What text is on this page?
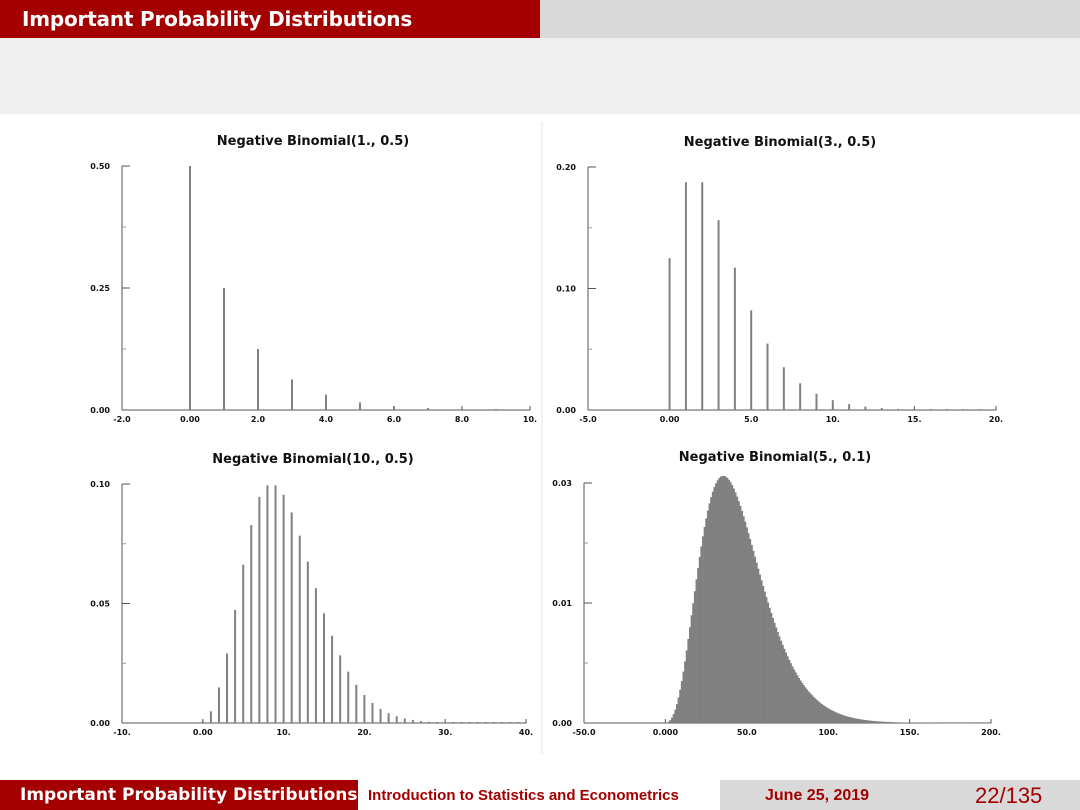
Important Probability Distributions
Negative Binomial(1., 0.5)
0.00
0.25
0.50
-2.0	0.00	2.0	4.0	6.0	8.0	10.
Negative Binomial(3., 0.5)
0.00
0.10
0.20
-5.0	0.00	5.0	10.	15.	20.
Negative Binomial(10., 0.5)
0.00
0.05
0.10
-10.	0.00	10.	20.	30.	40.
Negative Binomial(5., 0.1)
0.00
0.01
0.03
-50.0	0.000	50.0	100.	150.	200.
Important Probability Distributions Introduction to Statistics and Econometrics	June 25, 2019	22/135
